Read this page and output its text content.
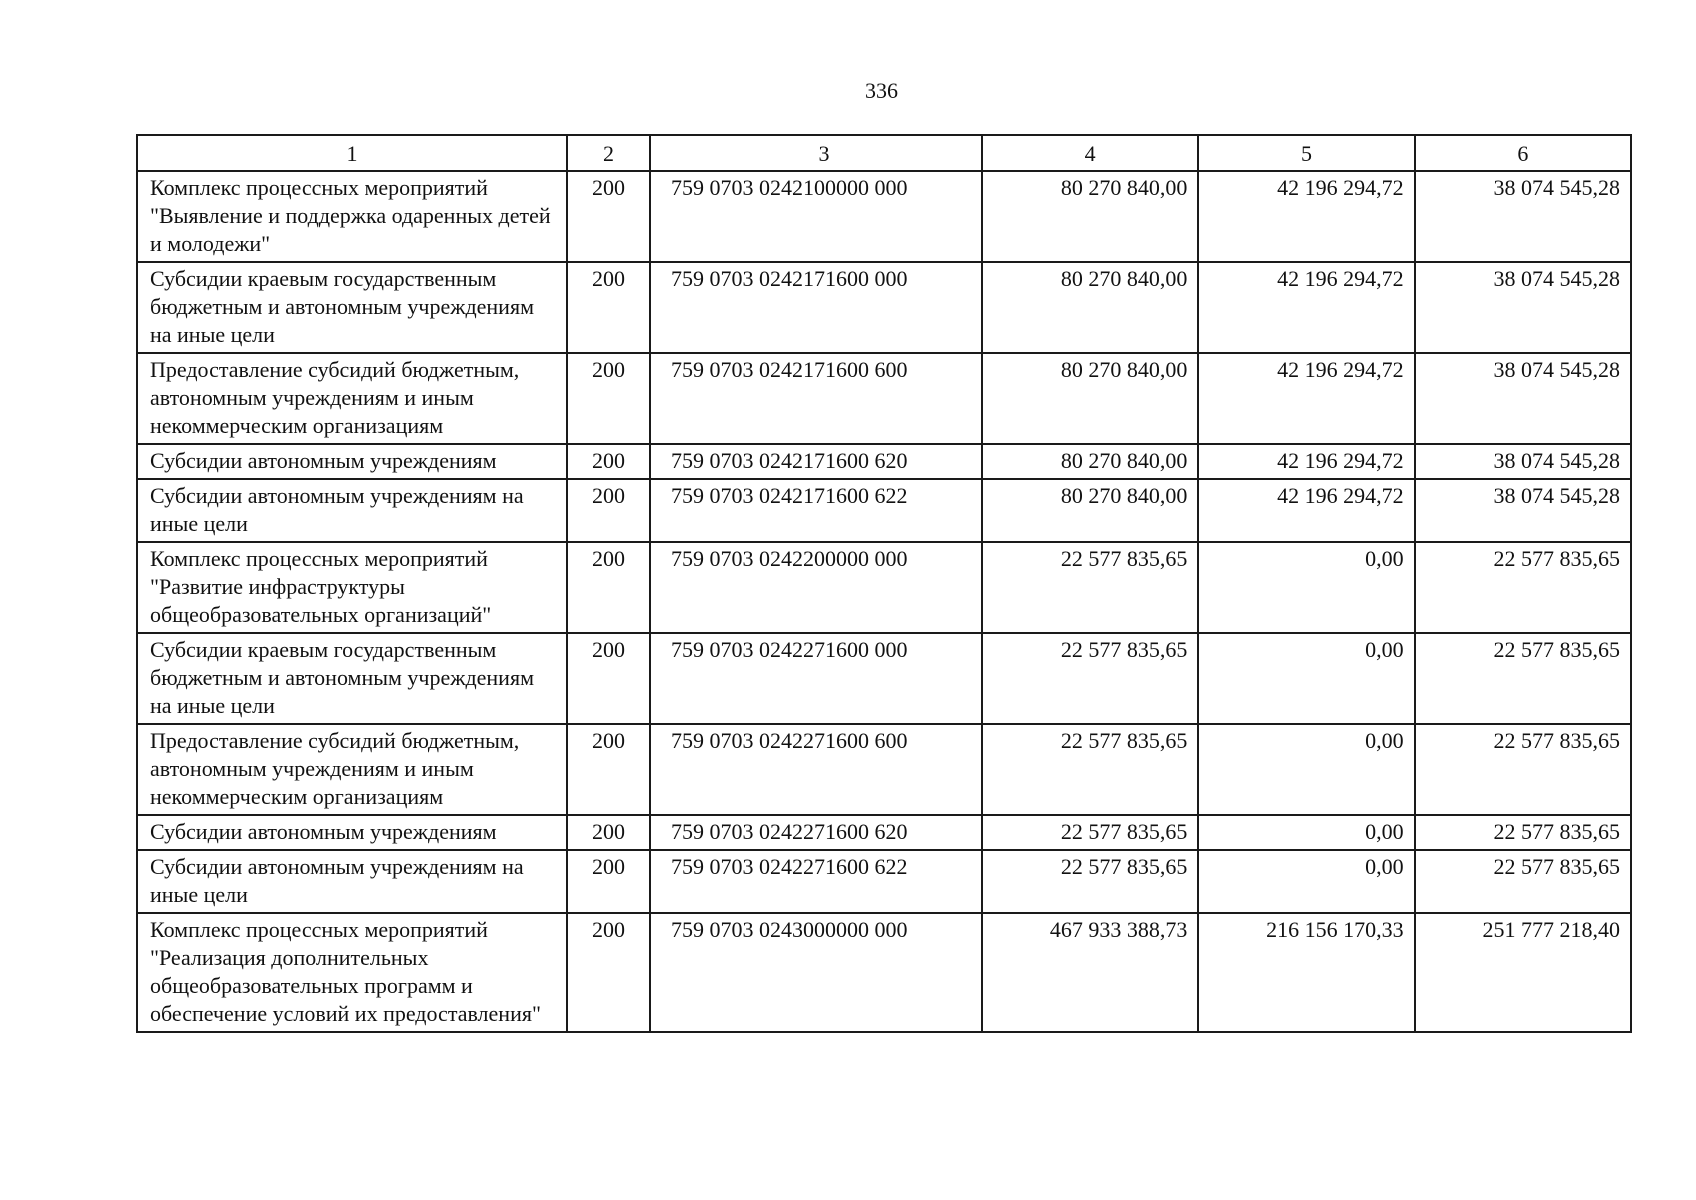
336
1	2	3	4	5	6
Комплекс процессных мероприятий "Выявление и поддержка одаренных детей и молодежи"	200	759 0703 0242100000 000	80 270 840,00	42 196 294,72	38 074 545,28
Субсидии краевым государственным бюджетным и автономным учреждениям на иные цели	200	759 0703 0242171600 000	80 270 840,00	42 196 294,72	38 074 545,28
Предоставление субсидий бюджетным, автономным учреждениям и иным некоммерческим организациям	200	759 0703 0242171600 600	80 270 840,00	42 196 294,72	38 074 545,28
Субсидии автономным учреждениям	200	759 0703 0242171600 620	80 270 840,00	42 196 294,72	38 074 545,28
Субсидии автономным учреждениям на иные цели	200	759 0703 0242171600 622	80 270 840,00	42 196 294,72	38 074 545,28
Комплекс процессных мероприятий "Развитие инфраструктуры общеобразовательных организаций"	200	759 0703 0242200000 000	22 577 835,65	0,00	22 577 835,65
Субсидии краевым государственным бюджетным и автономным учреждениям на иные цели	200	759 0703 0242271600 000	22 577 835,65	0,00	22 577 835,65
Предоставление субсидий бюджетным, автономным учреждениям и иным некоммерческим организациям	200	759 0703 0242271600 600	22 577 835,65	0,00	22 577 835,65
Субсидии автономным учреждениям	200	759 0703 0242271600 620	22 577 835,65	0,00	22 577 835,65
Субсидии автономным учреждениям на иные цели	200	759 0703 0242271600 622	22 577 835,65	0,00	22 577 835,65
Комплекс процессных мероприятий "Реализация дополнительных общеобразовательных программ и обеспечение условий их предоставления"	200	759 0703 0243000000 000	467 933 388,73	216 156 170,33	251 777 218,40
